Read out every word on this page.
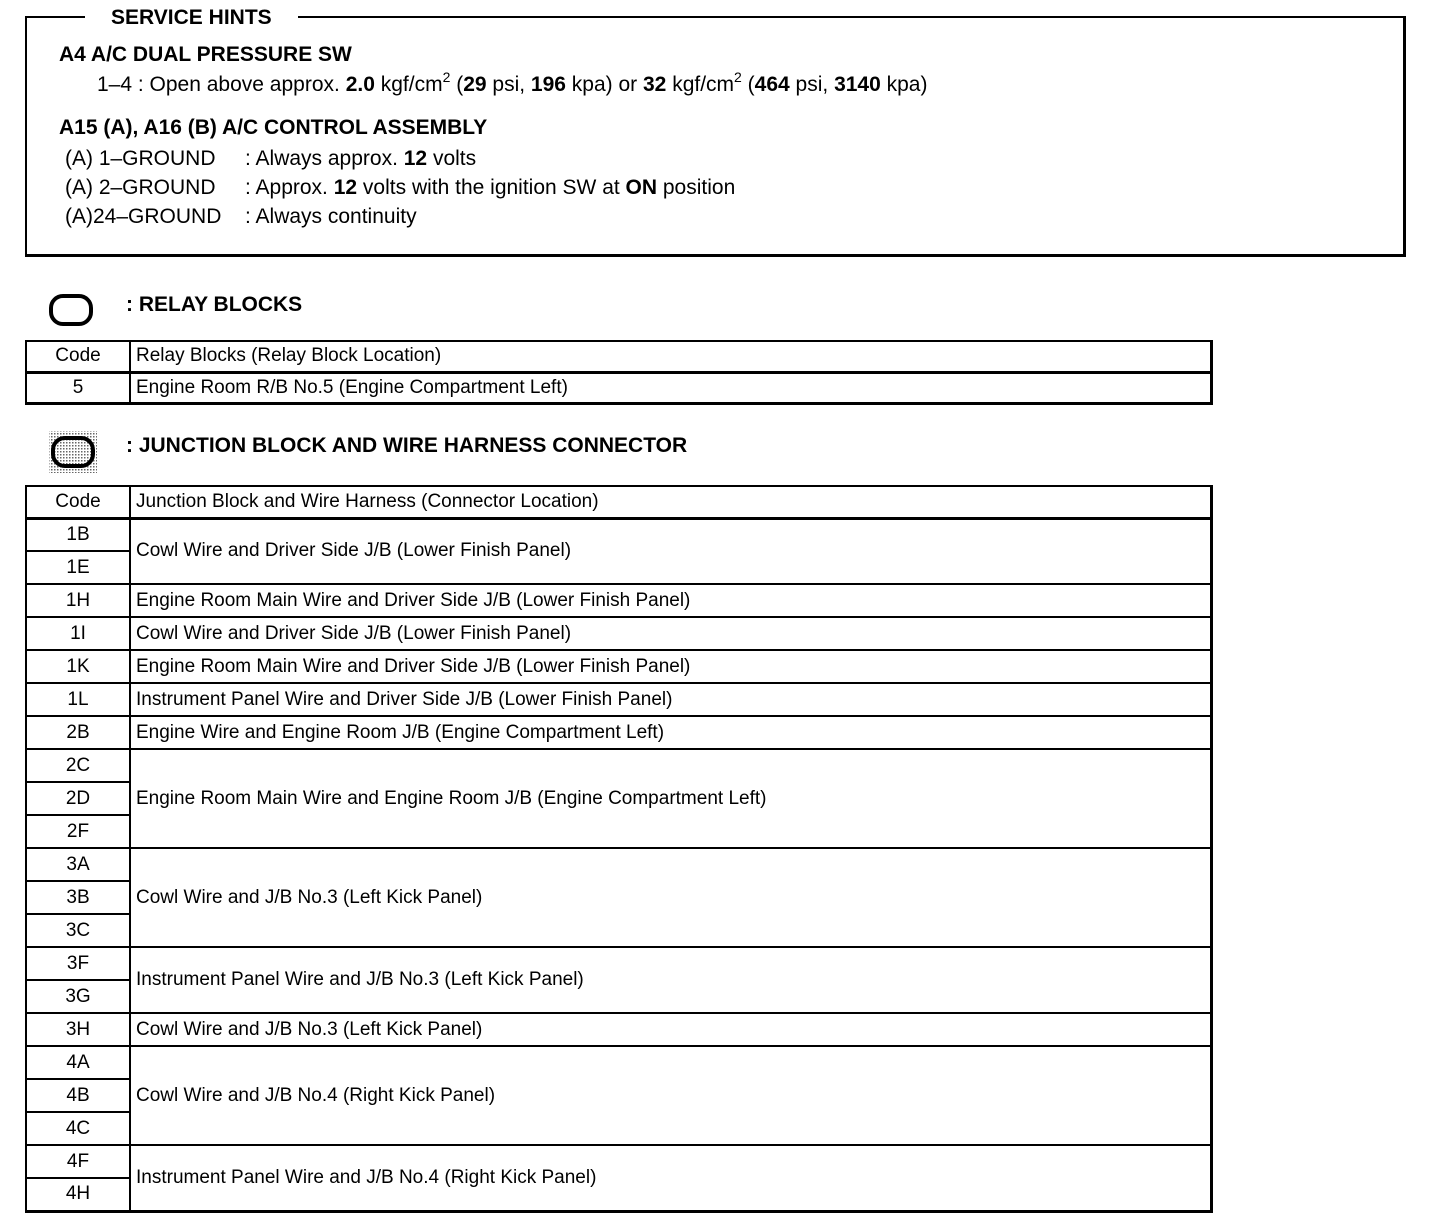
SERVICE HINTS
A4 A/C DUAL PRESSURE SW
1–4 : Open above approx. 2.0 kgf/$cm^2$ (29 psi, 196 kpa) or 32 kgf/$cm^2$ (464 psi, 3140 kpa)
A15 (A), A16 (B) A/C CONTROL ASSEMBLY
(A) 1–GROUND : Always approx. 12 volts
(A) 2–GROUND : Approx. 12 volts with the ignition SW at ON position
(A)24–GROUND : Always continuity
: RELAY BLOCKS
Code	Relay Blocks (Relay Block Location)
5	Engine Room R/B No.5 (Engine Compartment Left)
: JUNCTION BLOCK AND WIRE HARNESS CONNECTOR
Code	Junction Block and Wire Harness (Connector Location)
1B	Cowl Wire and Driver Side J/B (Lower Finish Panel)
1E	
1H	Engine Room Main Wire and Driver Side J/B (Lower Finish Panel)
1I	Cowl Wire and Driver Side J/B (Lower Finish Panel)
1K	Engine Room Main Wire and Driver Side J/B (Lower Finish Panel)
1L	Instrument Panel Wire and Driver Side J/B (Lower Finish Panel)
2B	Engine Wire and Engine Room J/B (Engine Compartment Left)
2C	Engine Room Main Wire and Engine Room J/B (Engine Compartment Left)
2D	
2F	
3A	Cowl Wire and J/B No.3 (Left Kick Panel)
3B	
3C	
3F	Instrument Panel Wire and J/B No.3 (Left Kick Panel)
3G	
3H	Cowl Wire and J/B No.3 (Left Kick Panel)
4A	Cowl Wire and J/B No.4 (Right Kick Panel)
4B	
4C	
4F	Instrument Panel Wire and J/B No.4 (Right Kick Panel)
4H	
